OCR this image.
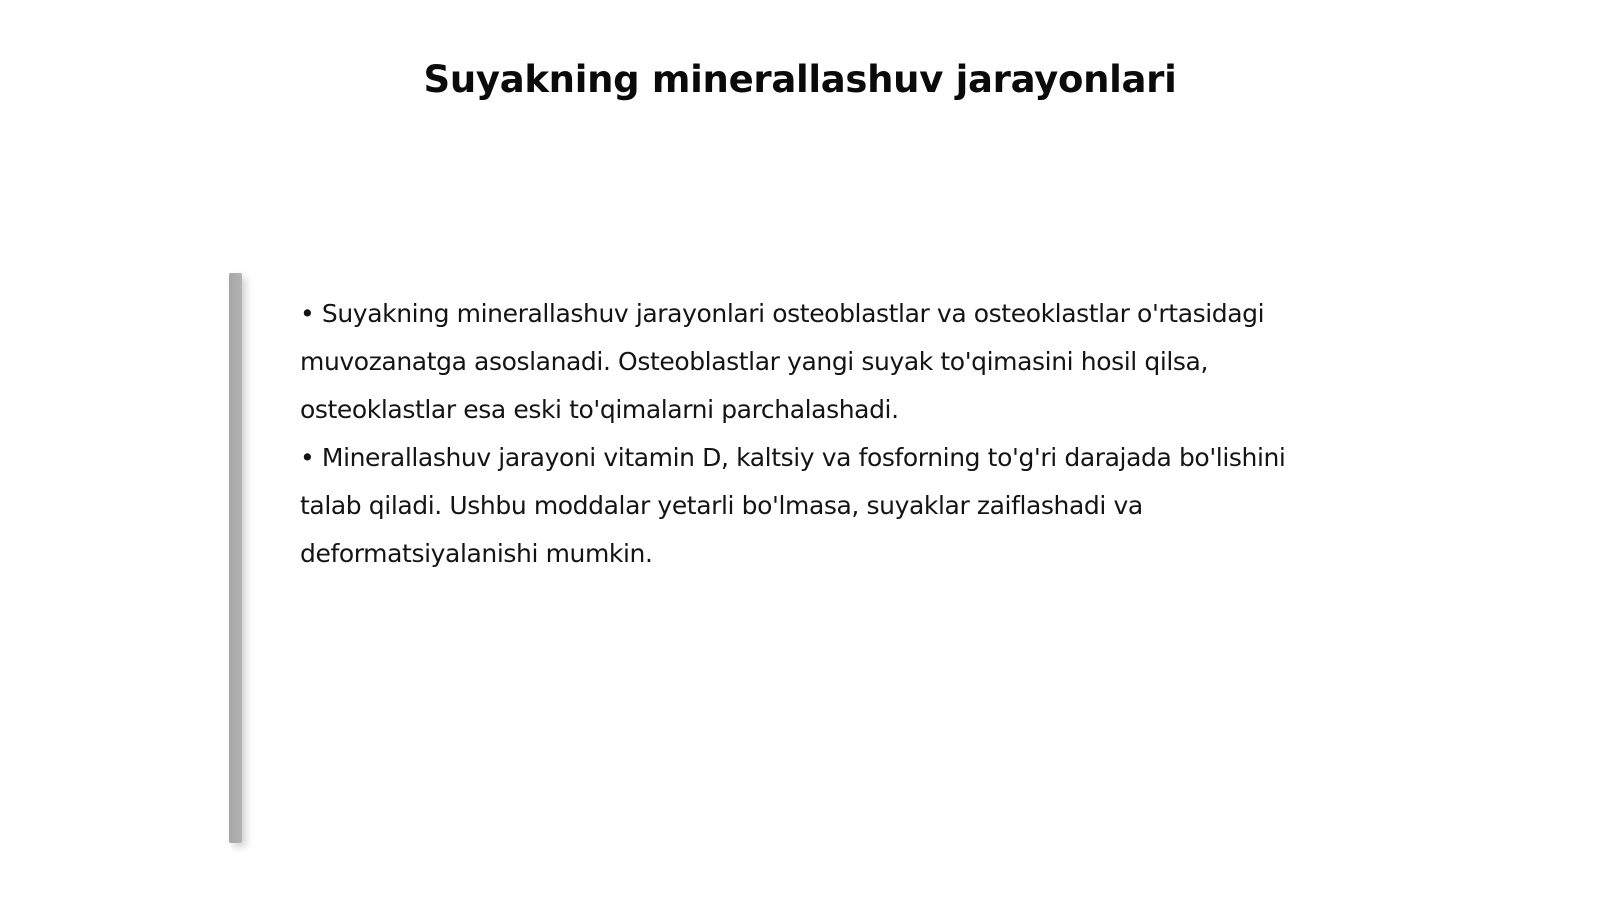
Suyakning minerallashuv jarayonlari

• Suyakning minerallashuv jarayonlari osteoblastlar va osteoklastlar o'rtasidagi muvozanatga asoslanadi. Osteoblastlar yangi suyak to'qimasini hosil qilsa, osteoklastlar esa eski to'qimalarni parchalashadi.

• Minerallashuv jarayoni vitamin D, kaltsiy va fosforning to'g'ri darajada bo'lishini talab qiladi. Ushbu moddalar yetarli bo'lmasa, suyaklar zaiflashadi va deformatsiyalanishi mumkin.
